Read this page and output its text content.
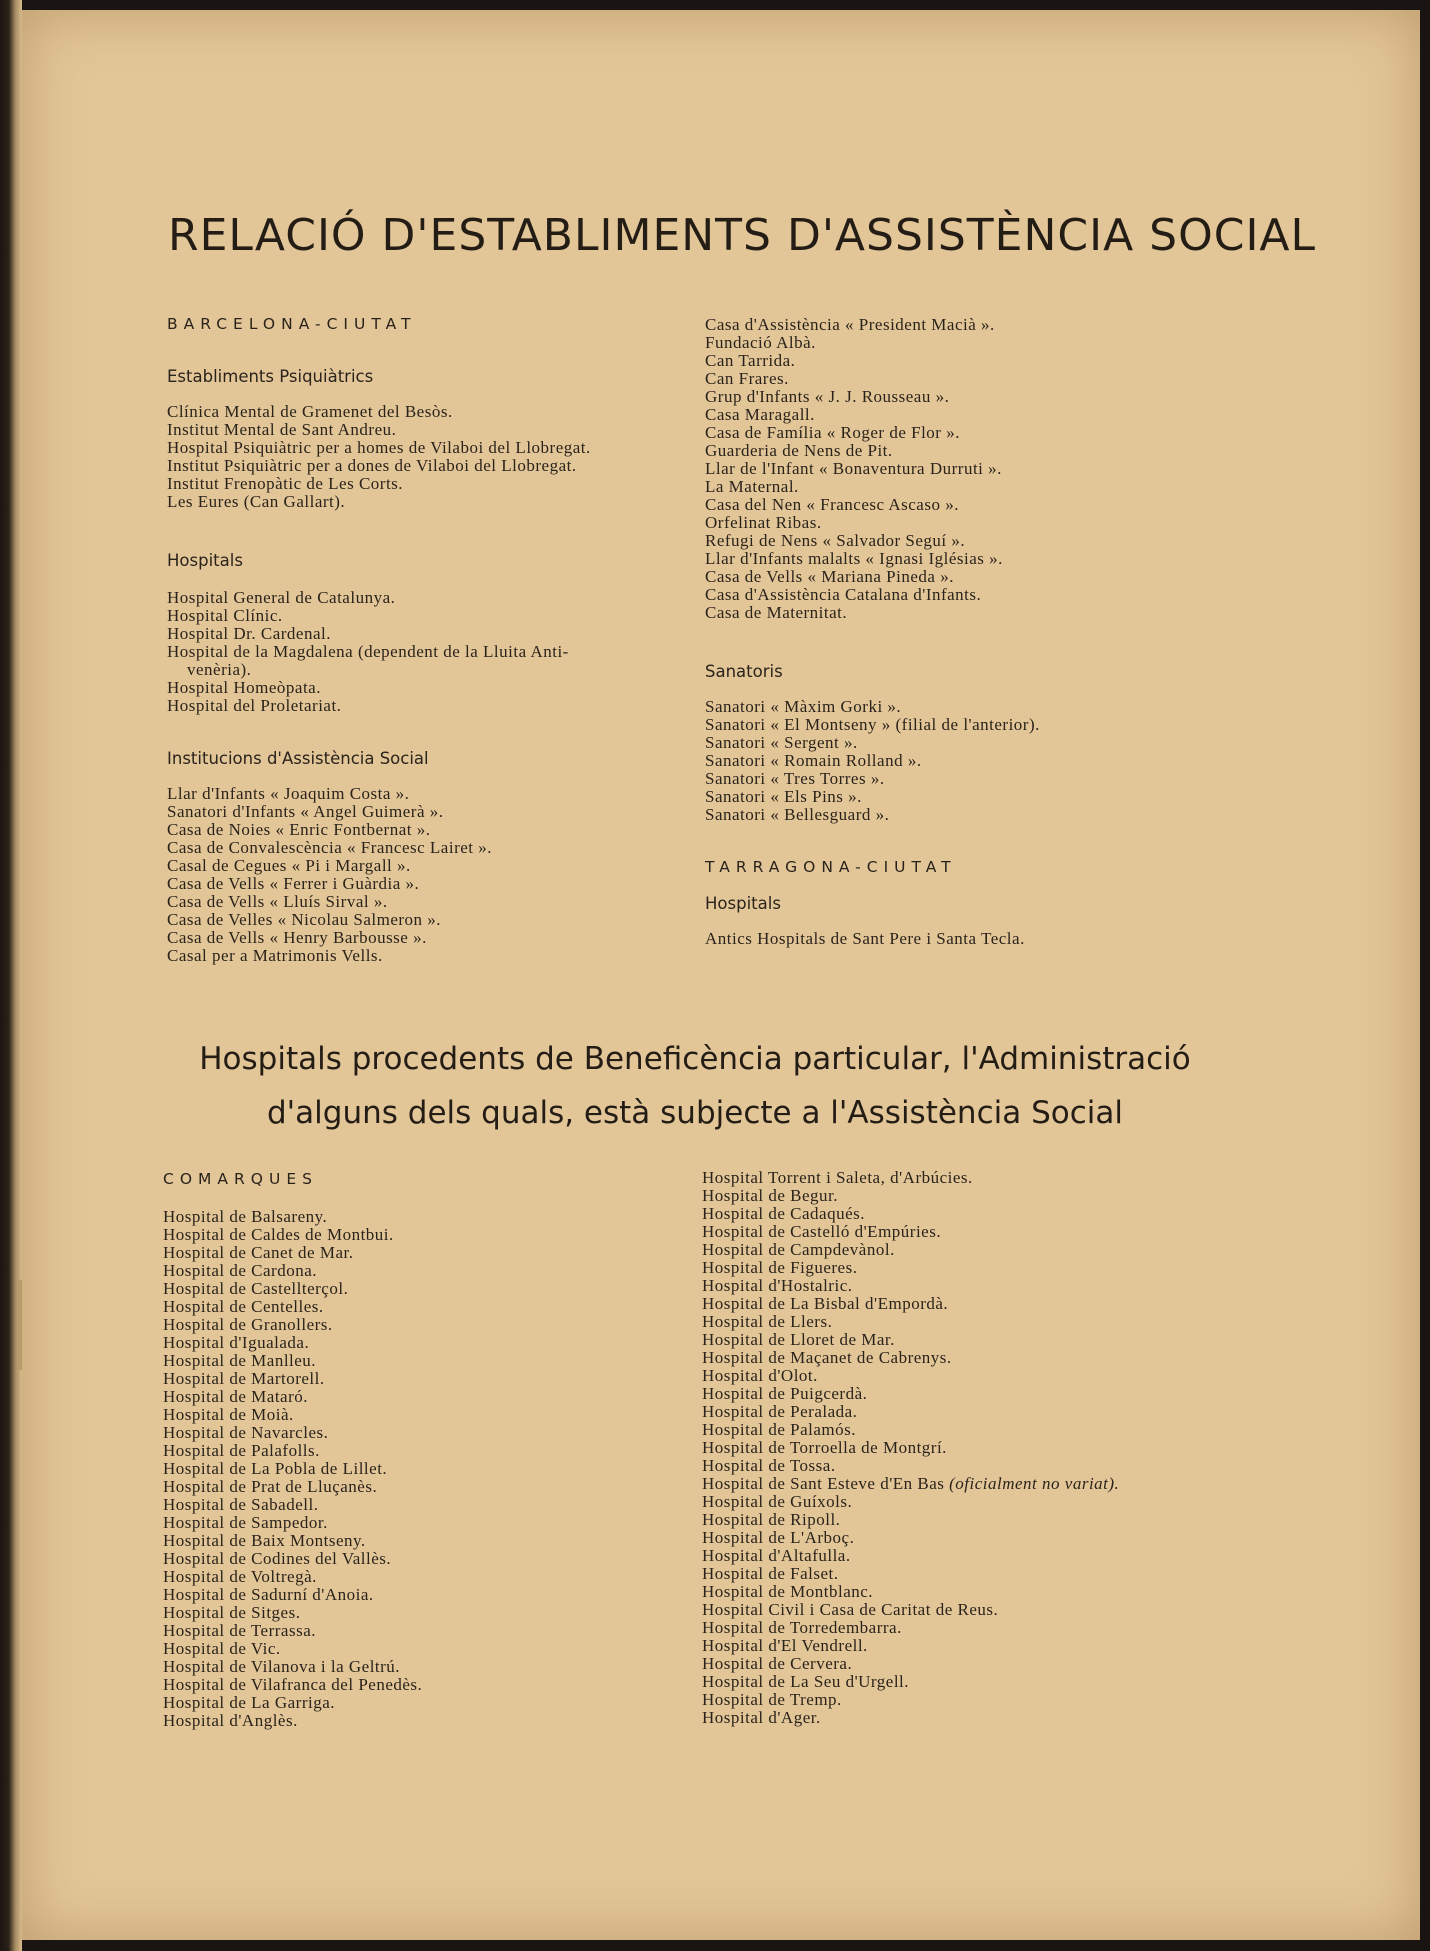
RELACIÓ D'ESTABLIMENTS D'ASSISTÈNCIA SOCIAL

BARCELONA-CIUTAT

Establiments Psiquiàtrics

Clínica Mental de Gramenet del Besòs.
Institut Mental de Sant Andreu.
Hospital Psiquiàtric per a homes de Vilaboi del Llobregat.
Institut Psiquiàtric per a dones de Vilaboi del Llobregat.
Institut Frenopàtic de Les Corts.
Les Eures (Can Gallart).

Hospitals

Hospital General de Catalunya.
Hospital Clínic.
Hospital Dr. Cardenal.
Hospital de la Magdalena (dependent de la Lluita Anti-
venèria).
Hospital Homeòpata.
Hospital del Proletariat.

Institucions d'Assistència Social

Llar d'Infants « Joaquim Costa ».
Sanatori d'Infants « Angel Guimerà ».
Casa de Noies « Enric Fontbernat ».
Casa de Convalescència « Francesc Lairet ».
Casal de Cegues « Pi i Margall ».
Casa de Vells « Ferrer i Guàrdia ».
Casa de Vells « Lluís Sirval ».
Casa de Velles « Nicolau Salmeron ».
Casa de Vells « Henry Barbousse ».
Casal per a Matrimonis Vells.
Casa d'Assistència « President Macià ».
Fundació Albà.
Can Tarrida.
Can Frares.
Grup d'Infants « J. J. Rousseau ».
Casa Maragall.
Casa de Família « Roger de Flor ».
Guarderia de Nens de Pit.
Llar de l'Infant « Bonaventura Durruti ».
La Maternal.
Casa del Nen « Francesc Ascaso ».
Orfelinat Ribas.
Refugi de Nens « Salvador Seguí ».
Llar d'Infants malalts « Ignasi Iglésias ».
Casa de Vells « Mariana Pineda ».
Casa d'Assistència Catalana d'Infants.
Casa de Maternitat.

Sanatoris

Sanatori « Màxim Gorki ».
Sanatori « El Montseny » (filial de l'anterior).
Sanatori « Sergent ».
Sanatori « Romain Rolland ».
Sanatori « Tres Torres ».
Sanatori « Els Pins ».
Sanatori « Bellesguard ».

TARRAGONA-CIUTAT

Hospitals

Antics Hospitals de Sant Pere i Santa Tecla.
Hospitals procedents de Beneficència particular, l'Administració
d'alguns dels quals, està subjecte a l'Assistència Social

COMARQUES

Hospital de Balsareny.
Hospital de Caldes de Montbui.
Hospital de Canet de Mar.
Hospital de Cardona.
Hospital de Castellterçol.
Hospital de Centelles.
Hospital de Granollers.
Hospital d'Igualada.
Hospital de Manlleu.
Hospital de Martorell.
Hospital de Mataró.
Hospital de Moià.
Hospital de Navarcles.
Hospital de Palafolls.
Hospital de La Pobla de Lillet.
Hospital de Prat de Lluçanès.
Hospital de Sabadell.
Hospital de Sampedor.
Hospital de Baix Montseny.
Hospital de Codines del Vallès.
Hospital de Voltregà.
Hospital de Sadurní d'Anoia.
Hospital de Sitges.
Hospital de Terrassa.
Hospital de Vic.
Hospital de Vilanova i la Geltrú.
Hospital de Vilafranca del Penedès.
Hospital de La Garriga.
Hospital d'Anglès.
Hospital Torrent i Saleta, d'Arbúcies.
Hospital de Begur.
Hospital de Cadaqués.
Hospital de Castelló d'Empúries.
Hospital de Campdevànol.
Hospital de Figueres.
Hospital d'Hostalric.
Hospital de La Bisbal d'Empordà.
Hospital de Llers.
Hospital de Lloret de Mar.
Hospital de Maçanet de Cabrenys.
Hospital d'Olot.
Hospital de Puigcerdà.
Hospital de Peralada.
Hospital de Palamós.
Hospital de Torroella de Montgrí.
Hospital de Tossa.
Hospital de Sant Esteve d'En Bas (oficialment no variat).
Hospital de Guíxols.
Hospital de Ripoll.
Hospital de L'Arboç.
Hospital d'Altafulla.
Hospital de Falset.
Hospital de Montblanc.
Hospital Civil i Casa de Caritat de Reus.
Hospital de Torredembarra.
Hospital d'El Vendrell.
Hospital de Cervera.
Hospital de La Seu d'Urgell.
Hospital de Tremp.
Hospital d'Ager.
